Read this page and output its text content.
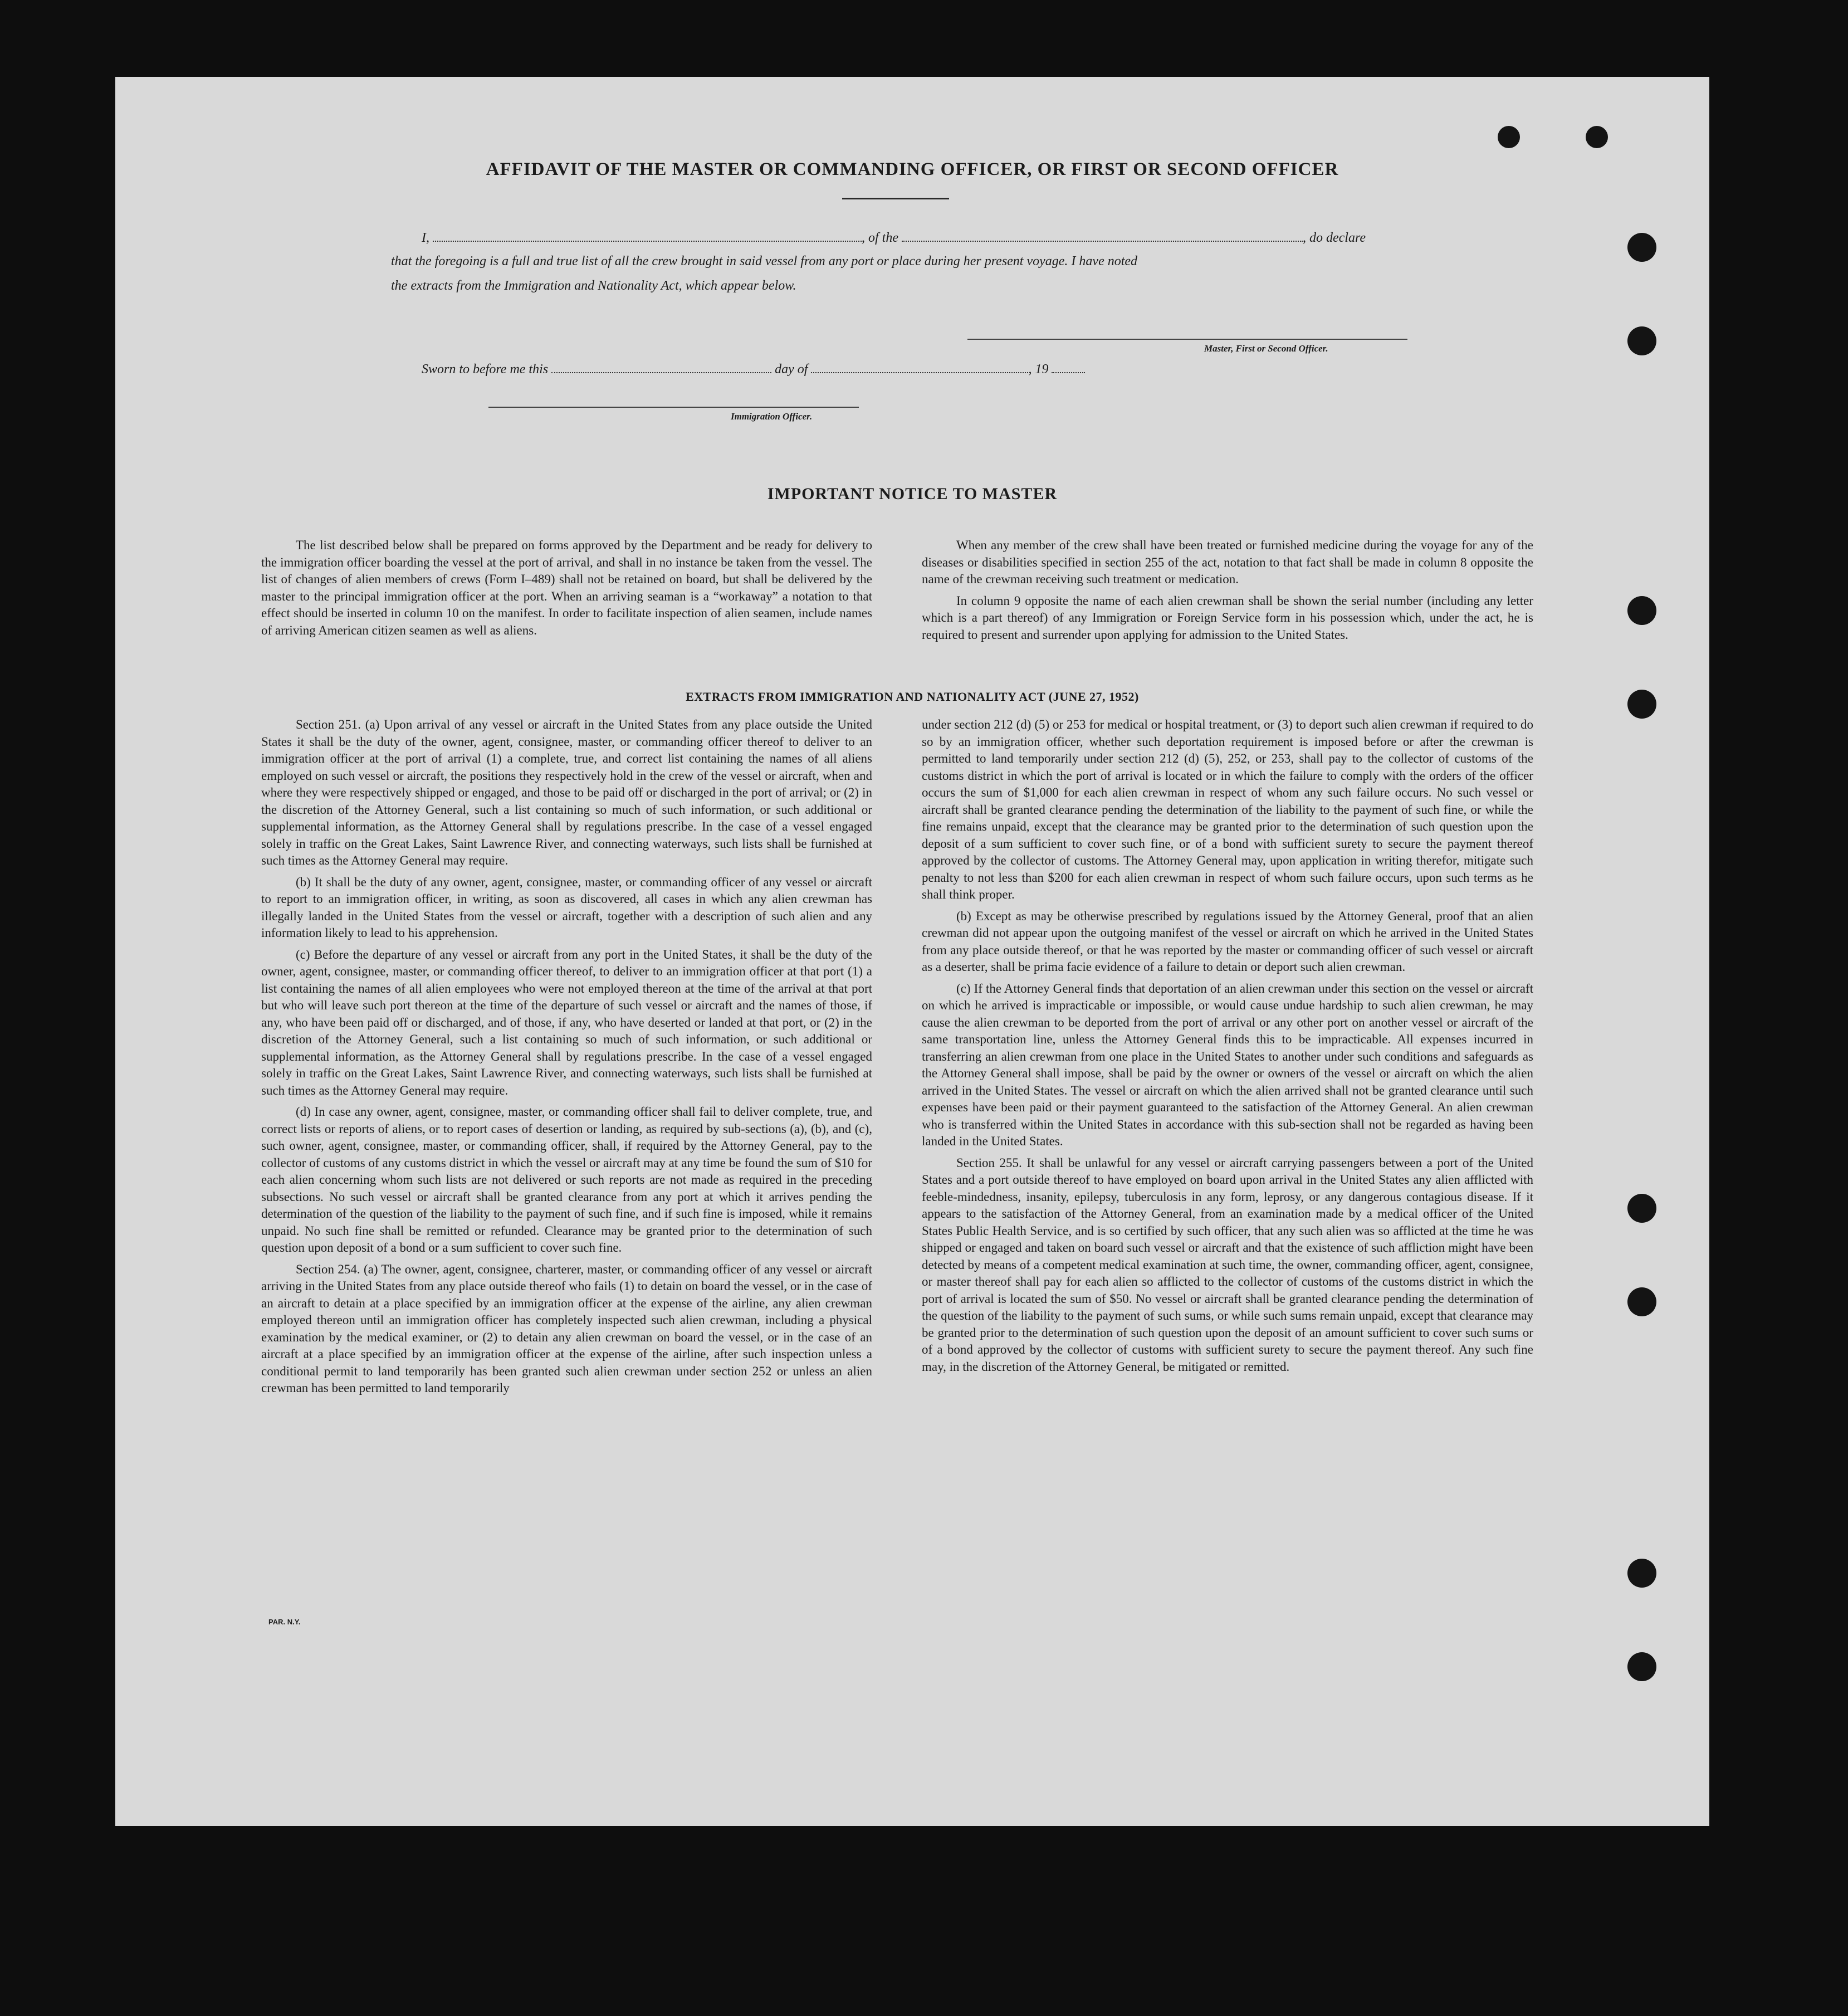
AFFIDAVIT OF THE MASTER OR COMMANDING OFFICER, OR FIRST OR SECOND OFFICER
I,	, of the	, do declare
that the foregoing is a full and true list of all the crew brought in said vessel from any port or place during her present voyage. I have noted
the extracts from the Immigration and Nationality Act, which appear below.
Master, First or Second Officer.
Sworn to before me this	day of	, 19
Immigration Officer.
IMPORTANT NOTICE TO MASTER

The list described below shall be prepared on forms approved by the Department and be ready for delivery to the immigration officer boarding the vessel at the port of arrival, and shall in no instance be taken from the vessel. The list of changes of alien members of crews (Form I–489) shall not be retained on board, but shall be delivered by the master to the principal immigration officer at the port. When an arriving seaman is a “workaway” a notation to that effect should be inserted in column 10 on the manifest. In order to facilitate inspection of alien seamen, include names of arriving American citizen seamen as well as aliens.

When any member of the crew shall have been treated or furnished medicine during the voyage for any of the diseases or disabilities specified in section 255 of the act, notation to that fact shall be made in column 8 opposite the name of the crewman receiving such treatment or medication.

In column 9 opposite the name of each alien crewman shall be shown the serial number (including any letter which is a part thereof) of any Immigration or Foreign Service form in his possession which, under the act, he is required to present and surrender upon applying for admission to the United States.

EXTRACTS FROM IMMIGRATION AND NATIONALITY ACT (JUNE 27, 1952)

Section 251. (a) Upon arrival of any vessel or aircraft in the United States from any place outside the United States it shall be the duty of the owner, agent, consignee, master, or commanding officer thereof to deliver to an immigration officer at the port of arrival (1) a complete, true, and correct list containing the names of all aliens employed on such vessel or aircraft, the positions they respectively hold in the crew of the vessel or aircraft, when and where they were respectively shipped or engaged, and those to be paid off or discharged in the port of arrival; or (2) in the discretion of the Attorney General, such a list containing so much of such information, or such additional or supplemental information, as the Attorney General shall by regulations prescribe. In the case of a vessel engaged solely in traffic on the Great Lakes, Saint Lawrence River, and connecting waterways, such lists shall be furnished at such times as the Attorney General may require.

(b) It shall be the duty of any owner, agent, consignee, master, or commanding officer of any vessel or aircraft to report to an immigration officer, in writing, as soon as discovered, all cases in which any alien crewman has illegally landed in the United States from the vessel or aircraft, together with a description of such alien and any information likely to lead to his apprehension.

(c) Before the departure of any vessel or aircraft from any port in the United States, it shall be the duty of the owner, agent, consignee, master, or commanding officer thereof, to deliver to an immigration officer at that port (1) a list containing the names of all alien employees who were not employed thereon at the time of the arrival at that port but who will leave such port thereon at the time of the departure of such vessel or aircraft and the names of those, if any, who have been paid off or discharged, and of those, if any, who have deserted or landed at that port, or (2) in the discretion of the Attorney General, such a list containing so much of such information, or such additional or supplemental information, as the Attorney General shall by regulations prescribe. In the case of a vessel engaged solely in traffic on the Great Lakes, Saint Lawrence River, and connecting waterways, such lists shall be furnished at such times as the Attorney General may require.

(d) In case any owner, agent, consignee, master, or commanding officer shall fail to deliver complete, true, and correct lists or reports of aliens, or to report cases of desertion or landing, as required by sub-sections (a), (b), and (c), such owner, agent, consignee, master, or commanding officer, shall, if required by the Attorney General, pay to the collector of customs of any customs district in which the vessel or aircraft may at any time be found the sum of $10 for each alien concerning whom such lists are not delivered or such reports are not made as required in the preceding subsections. No such vessel or aircraft shall be granted clearance from any port at which it arrives pending the determination of the question of the liability to the payment of such fine, and if such fine is imposed, while it remains unpaid. No such fine shall be remitted or refunded. Clearance may be granted prior to the determination of such question upon deposit of a bond or a sum sufficient to cover such fine.

Section 254. (a) The owner, agent, consignee, charterer, master, or commanding officer of any vessel or aircraft arriving in the United States from any place outside thereof who fails (1) to detain on board the vessel, or in the case of an aircraft to detain at a place specified by an immigration officer at the expense of the airline, any alien crewman employed thereon until an immigration officer has completely inspected such alien crewman, including a physical examination by the medical examiner, or (2) to detain any alien crewman on board the vessel, or in the case of an aircraft at a place specified by an immigration officer at the expense of the airline, after such inspection unless a conditional permit to land temporarily has been granted such alien crewman under section 252 or unless an alien crewman has been permitted to land temporarily

under section 212 (d) (5) or 253 for medical or hospital treatment, or (3) to deport such alien crewman if required to do so by an immigration officer, whether such deportation requirement is imposed before or after the crewman is permitted to land temporarily under section 212 (d) (5), 252, or 253, shall pay to the collector of customs of the customs district in which the port of arrival is located or in which the failure to comply with the orders of the officer occurs the sum of $1,000 for each alien crewman in respect of whom any such failure occurs. No such vessel or aircraft shall be granted clearance pending the determination of the liability to the payment of such fine, or while the fine remains unpaid, except that the clearance may be granted prior to the determination of such question upon the deposit of a sum sufficient to cover such fine, or of a bond with sufficient surety to secure the payment thereof approved by the collector of customs. The Attorney General may, upon application in writing therefor, mitigate such penalty to not less than $200 for each alien crewman in respect of whom such failure occurs, upon such terms as he shall think proper.

(b) Except as may be otherwise prescribed by regulations issued by the Attorney General, proof that an alien crewman did not appear upon the outgoing manifest of the vessel or aircraft on which he arrived in the United States from any place outside thereof, or that he was reported by the master or commanding officer of such vessel or aircraft as a deserter, shall be prima facie evidence of a failure to detain or deport such alien crewman.

(c) If the Attorney General finds that deportation of an alien crewman under this section on the vessel or aircraft on which he arrived is impracticable or impossible, or would cause undue hardship to such alien crewman, he may cause the alien crewman to be deported from the port of arrival or any other port on another vessel or aircraft of the same transportation line, unless the Attorney General finds this to be impracticable. All expenses incurred in transferring an alien crewman from one place in the United States to another under such conditions and safeguards as the Attorney General shall impose, shall be paid by the owner or owners of the vessel or aircraft on which the alien arrived in the United States. The vessel or aircraft on which the alien arrived shall not be granted clearance until such expenses have been paid or their payment guaranteed to the satisfaction of the Attorney General. An alien crewman who is transferred within the United States in accordance with this sub-section shall not be regarded as having been landed in the United States.

Section 255. It shall be unlawful for any vessel or aircraft carrying passengers between a port of the United States and a port outside thereof to have employed on board upon arrival in the United States any alien afflicted with feeble-mindedness, insanity, epilepsy, tuberculosis in any form, leprosy, or any dangerous contagious disease. If it appears to the satisfaction of the Attorney General, from an examination made by a medical officer of the United States Public Health Service, and is so certified by such officer, that any such alien was so afflicted at the time he was shipped or engaged and taken on board such vessel or aircraft and that the existence of such affliction might have been detected by means of a competent medical examination at such time, the owner, commanding officer, agent, consignee, or master thereof shall pay for each alien so afflicted to the collector of customs of the customs district in which the port of arrival is located the sum of $50. No vessel or aircraft shall be granted clearance pending the determination of the question of the liability to the payment of such sums, or while such sums remain unpaid, except that clearance may be granted prior to the determination of such question upon the deposit of an amount sufficient to cover such sums or of a bond approved by the collector of customs with sufficient surety to secure the payment thereof. Any such fine may, in the discretion of the Attorney General, be mitigated or remitted.

PAR. N.Y.
